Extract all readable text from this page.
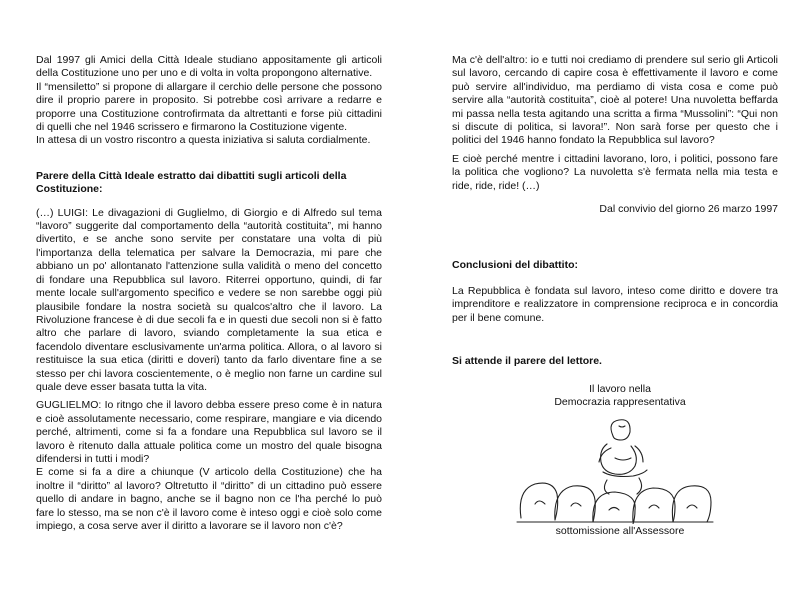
Dal 1997 gli Amici della Città Ideale studiano appositamente gli articoli della Costituzione uno per uno e di volta in volta propongono alternative.

Il “mensiletto” si propone di allargare il cerchio delle persone che possono dire il proprio parere in proposito. Si potrebbe così arrivare a redarre e proporre una Costituzione controfirmata da altrettanti e forse più cittadini di quelli che nel 1946 scrissero e firmarono la Costituzione vigente.

In attesa di un vostro riscontro a questa iniziativa si saluta cordialmente.

Parere della Città Ideale estratto dai dibattiti sugli articoli della Costituzione:

(…) LUIGI: Le divagazioni di Guglielmo, di Giorgio e di Alfredo sul tema “lavoro” suggerite dal comportamento della “autorità costituita”, mi hanno divertito, e se anche sono servite per constatare una volta di più l'importanza della telematica per salvare la Democrazia, mi pare che abbiano un po' allontanato l'attenzione sulla validità o meno del concetto di fondare una Repubblica sul lavoro. Riterrei opportuno, quindi, di far mente locale sull'argomento specifico e vedere se non sarebbe oggi più plausibile fondare la nostra società su qualcos'altro che il lavoro. La Rivoluzione francese è di due secoli fa e in questi due secoli non si è fatto altro che parlare di lavoro, sviando completamente la sua etica e facendolo diventare esclusivamente un'arma politica. Allora, o al lavoro si restituisce la sua etica (diritti e doveri) tanto da farlo diventare fine a se stesso per chi lavora coscientemente, o è meglio non farne un cardine sul quale deve esser basata tutta la vita.

GUGLIELMO: Io ritngo che il lavoro debba essere preso come è in natura e cioè assolutamente necessario, come respirare, mangiare e via dicendo perché, altrimenti, come si fa a fondare una Repubblica sul lavoro se il lavoro è ritenuto dalla attuale politica come un mostro del quale bisogna difendersi in tutti i modi?

E come si fa a dire a chiunque (V articolo della Costituzione) che ha inoltre il “diritto” al lavoro? Oltretutto il “diritto” di un cittadino può essere quello di andare in bagno, anche se il bagno non ce l'ha perché lo può fare lo stesso, ma se non c'è il lavoro come è inteso oggi e cioè solo come impiego, a cosa serve aver il diritto a lavorare se il lavoro non c'è?

Ma c'è dell'altro: io e tutti noi crediamo di prendere sul serio gli Articoli sul lavoro, cercando di capire cosa è effettivamente il lavoro e come può servire all'individuo, ma perdiamo di vista cosa e come può servire alla “autorità costituita”, cioè al potere! Una nuvoletta beffarda mi passa nella testa agitando una scritta a firma “Mussolini”: “Qui non si discute di politica, si lavora!”. Non sarà forse per questo che i politici del 1946 hanno fondato la Repubblica sul lavoro?

E cioè perché mentre i cittadini lavorano, loro, i politici, possono fare la politica che vogliono? La nuvoletta s'è fermata nella mia testa e ride, ride, ride! (…)

Dal convivio del giorno 26 marzo 1997

Conclusioni del dibattito:

La Repubblica è fondata sul lavoro, inteso come diritto e dovere tra imprenditore e realizzatore in comprensione reciproca e in concordia per il bene comune.

Si attende il parere del lettore.

Il lavoro nella
Democrazia rappresentativa
sottomissione all'Assessore
